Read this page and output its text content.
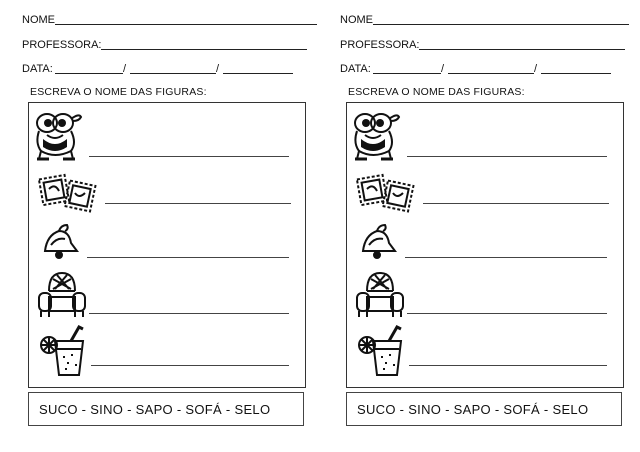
NOME
PROFESSORA:
DATA:	/	/
ESCREVA O NOME DAS FIGURAS:
SUCO - SINO - SAPO - SOFÁ - SELO
NOME
PROFESSORA:
DATA:	/	/
ESCREVA O NOME DAS FIGURAS:
SUCO - SINO - SAPO - SOFÁ - SELO
